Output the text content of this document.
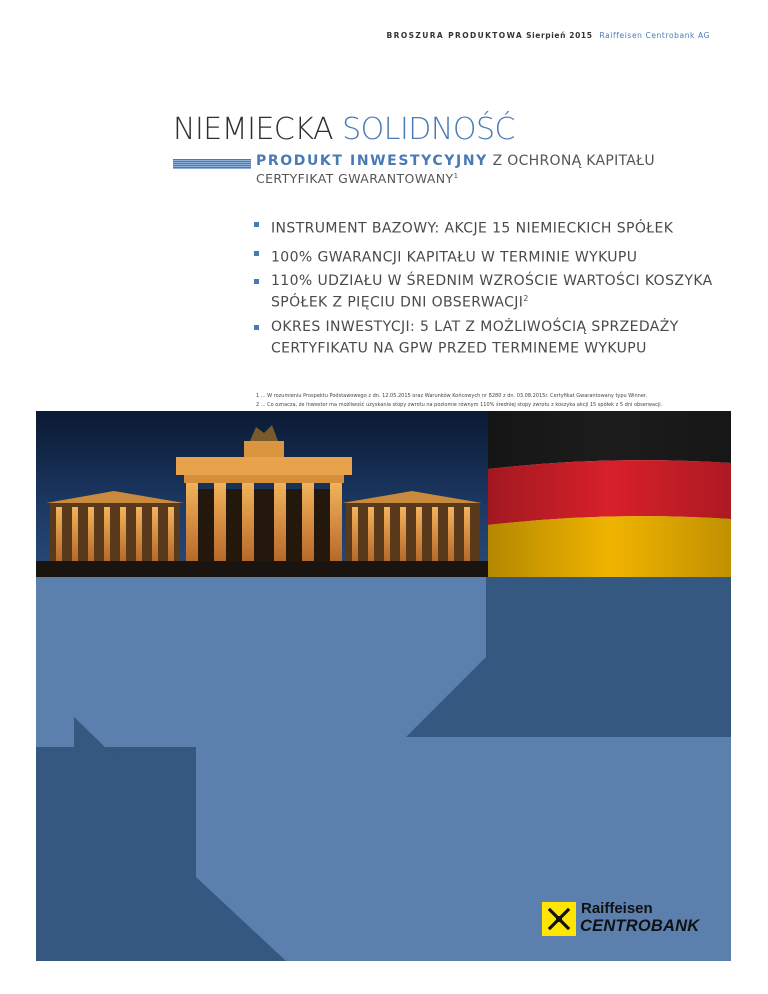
BROSZURA PRODUKTOWA Sierpień 2015 Raiffeisen Centrobank AG
NIEMIECKA SOLIDNOŚĆ
PRODUKT INWESTYCYJNY Z OCHRONĄ KAPITAŁU
CERTYFIKAT GWARANTOWANY$^1$
INSTRUMENT BAZOWY: AKCJE 15 NIEMIECKICH SPÓŁEK
100% GWARANCJI KAPITAŁU W TERMINIE WYKUPU
110% UDZIAŁU W ŚREDNIM WZROŚCIE WARTOŚCI KOSZYKA SPÓŁEK Z PIĘCIU DNI OBSERWACJI$^2$
OKRES INWESTYCJI: 5 LAT Z MOŻLIWOŚCIĄ SPRZEDAŻY CERTYFIKATU NA GPW PRZED TERMINEME WYKUPU
1 ... W rozumieniu Prospektu Podstawowego z dn. 12.05.2015 oraz Warunków Końcowych nr 8280 z dn. 03.08.2015r. Certyfikat Gwarantowany typu Winner.
2 ... Co oznacza, że Inwestor ma możliwość uzyskania stopy zwrotu na poziomie równym 110% średniej stopy zwrotu z koszyka akcji 15 spółek z 5 dni obserwacji.
Raiffeisen
CENTROBANK
